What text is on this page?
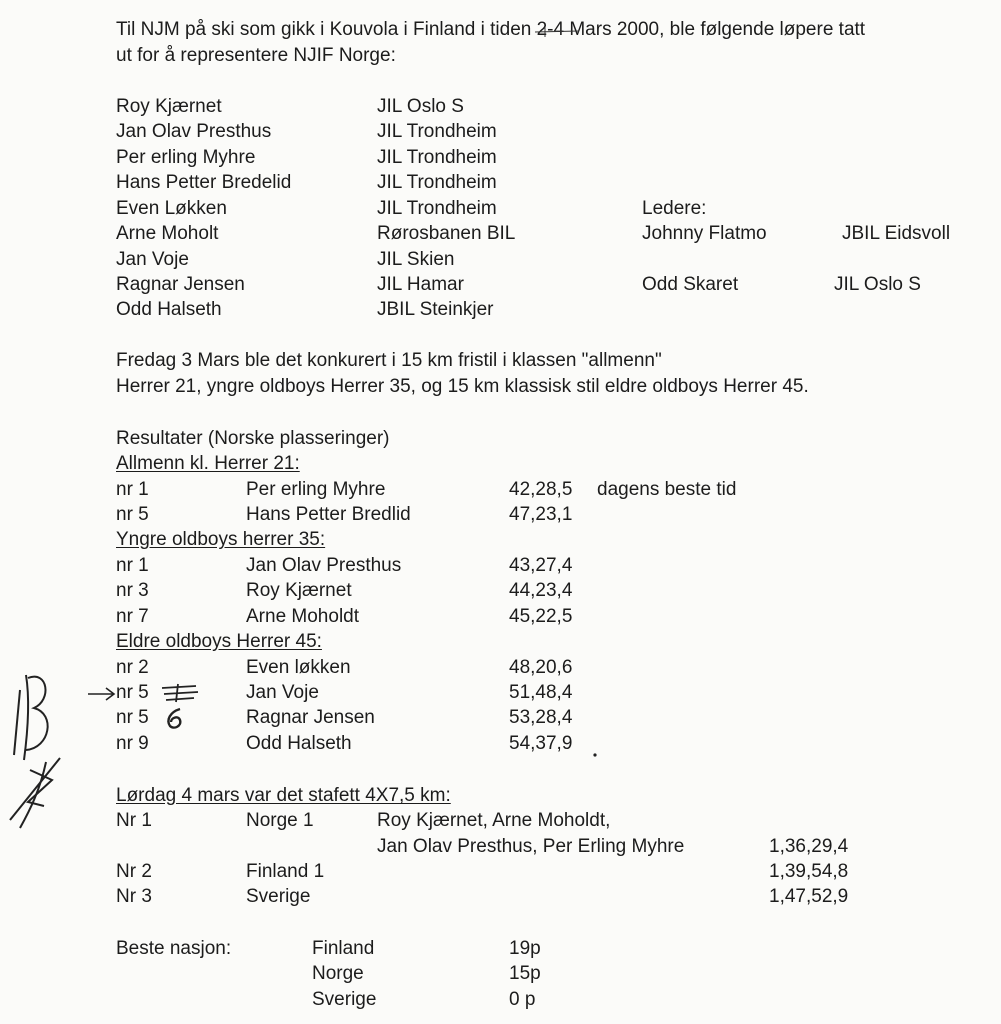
Til NJM på ski som gikk i Kouvola i Finland i tiden 2-4 Mars 2000, ble følgende løpere tatt
ut for å representere NJIF Norge:
Roy Kjærnet	JIL Oslo S
Jan Olav Presthus	JIL Trondheim
Per erling Myhre	JIL Trondheim
Hans Petter Bredelid	JIL Trondheim
Even Løkken	JIL Trondheim
Arne Moholt	Rørosbanen BIL
Jan Voje	JIL Skien
Ragnar Jensen	JIL Hamar
Odd Halseth	JBIL Steinkjer
Ledere:
Johnny Flatmo	JBIL Eidsvoll
Odd Skaret	JIL Oslo S
Fredag 3 Mars ble det konkurert i 15 km fristil i klassen "allmenn"
Herrer 21, yngre oldboys Herrer 35, og 15 km klassisk stil eldre oldboys Herrer 45.
Resultater (Norske plasseringer)
Allmenn kl. Herrer 21:
nr 1	Per erling Myhre	42,28,5 dagens beste tid
nr 5	Hans Petter Bredlid	47,23,1
Yngre oldboys herrer 35:
nr 1	Jan Olav Presthus	43,27,4
nr 3	Roy Kjærnet	44,23,4
nr 7	Arne Moholdt	45,22,5
Eldre oldboys Herrer 45:
nr 2	Even løkken	48,20,6
nr 5	Jan Voje	51,48,4
nr 5	Ragnar Jensen	53,28,4
nr 9	Odd Halseth	54,37,9
Lørdag 4 mars var det stafett 4X7,5 km:
Nr 1	Norge 1	Roy Kjærnet, Arne Moholdt,
Jan Olav Presthus, Per Erling Myhre	1,36,29,4
Nr 2	Finland 1	1,39,54,8
Nr 3	Sverige	1,47,52,9
Beste nasjon:	Finland	19p
Norge	15p
Sverige	0 p
